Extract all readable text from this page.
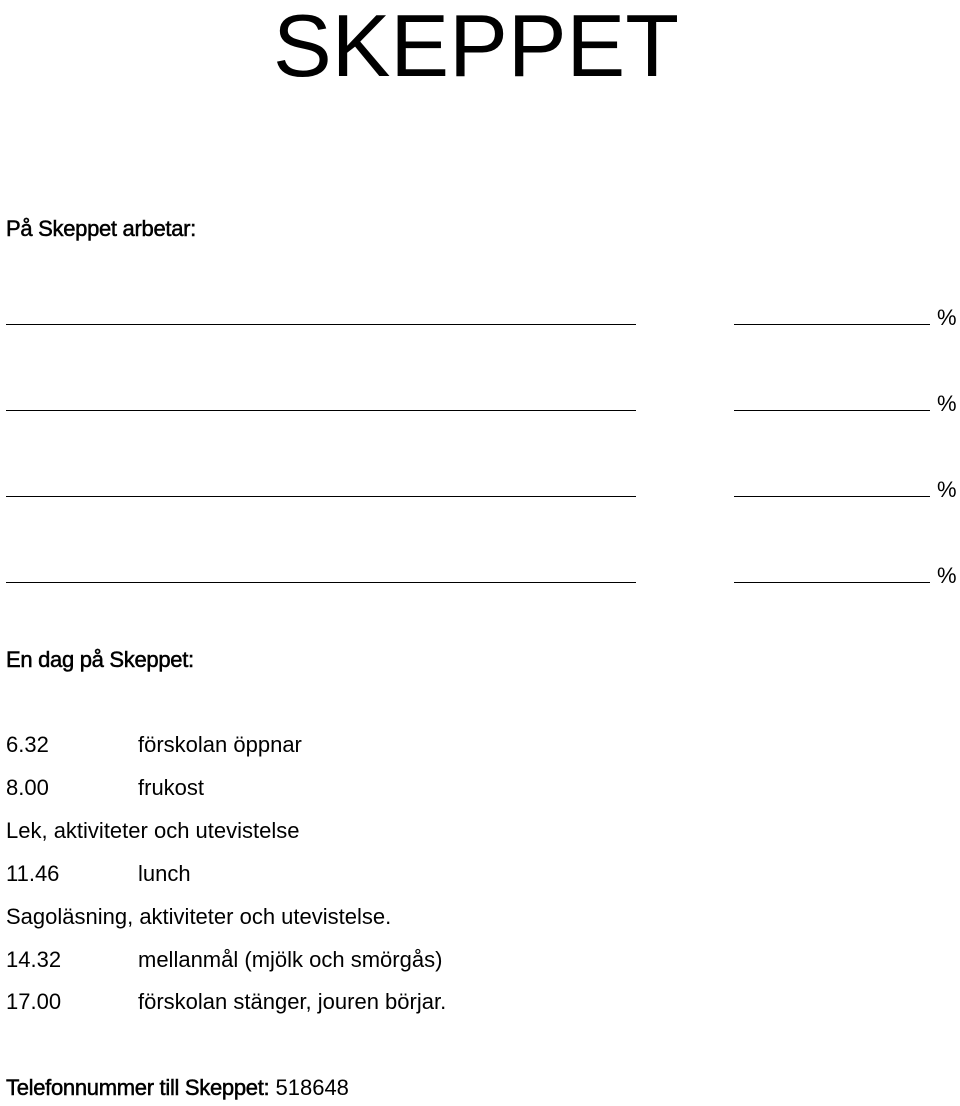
SKEPPET
På Skeppet arbetar:
%
%
%
%
En dag på Skeppet:
6.32	förskolan öppnar
8.00	frukost
Lek, aktiviteter och utevistelse
11.46	lunch
Sagoläsning, aktiviteter och utevistelse.
14.32	mellanmål (mjölk och smörgås)
17.00	förskolan stänger, jouren börjar.
Telefonnummer till Skeppet: 518648
